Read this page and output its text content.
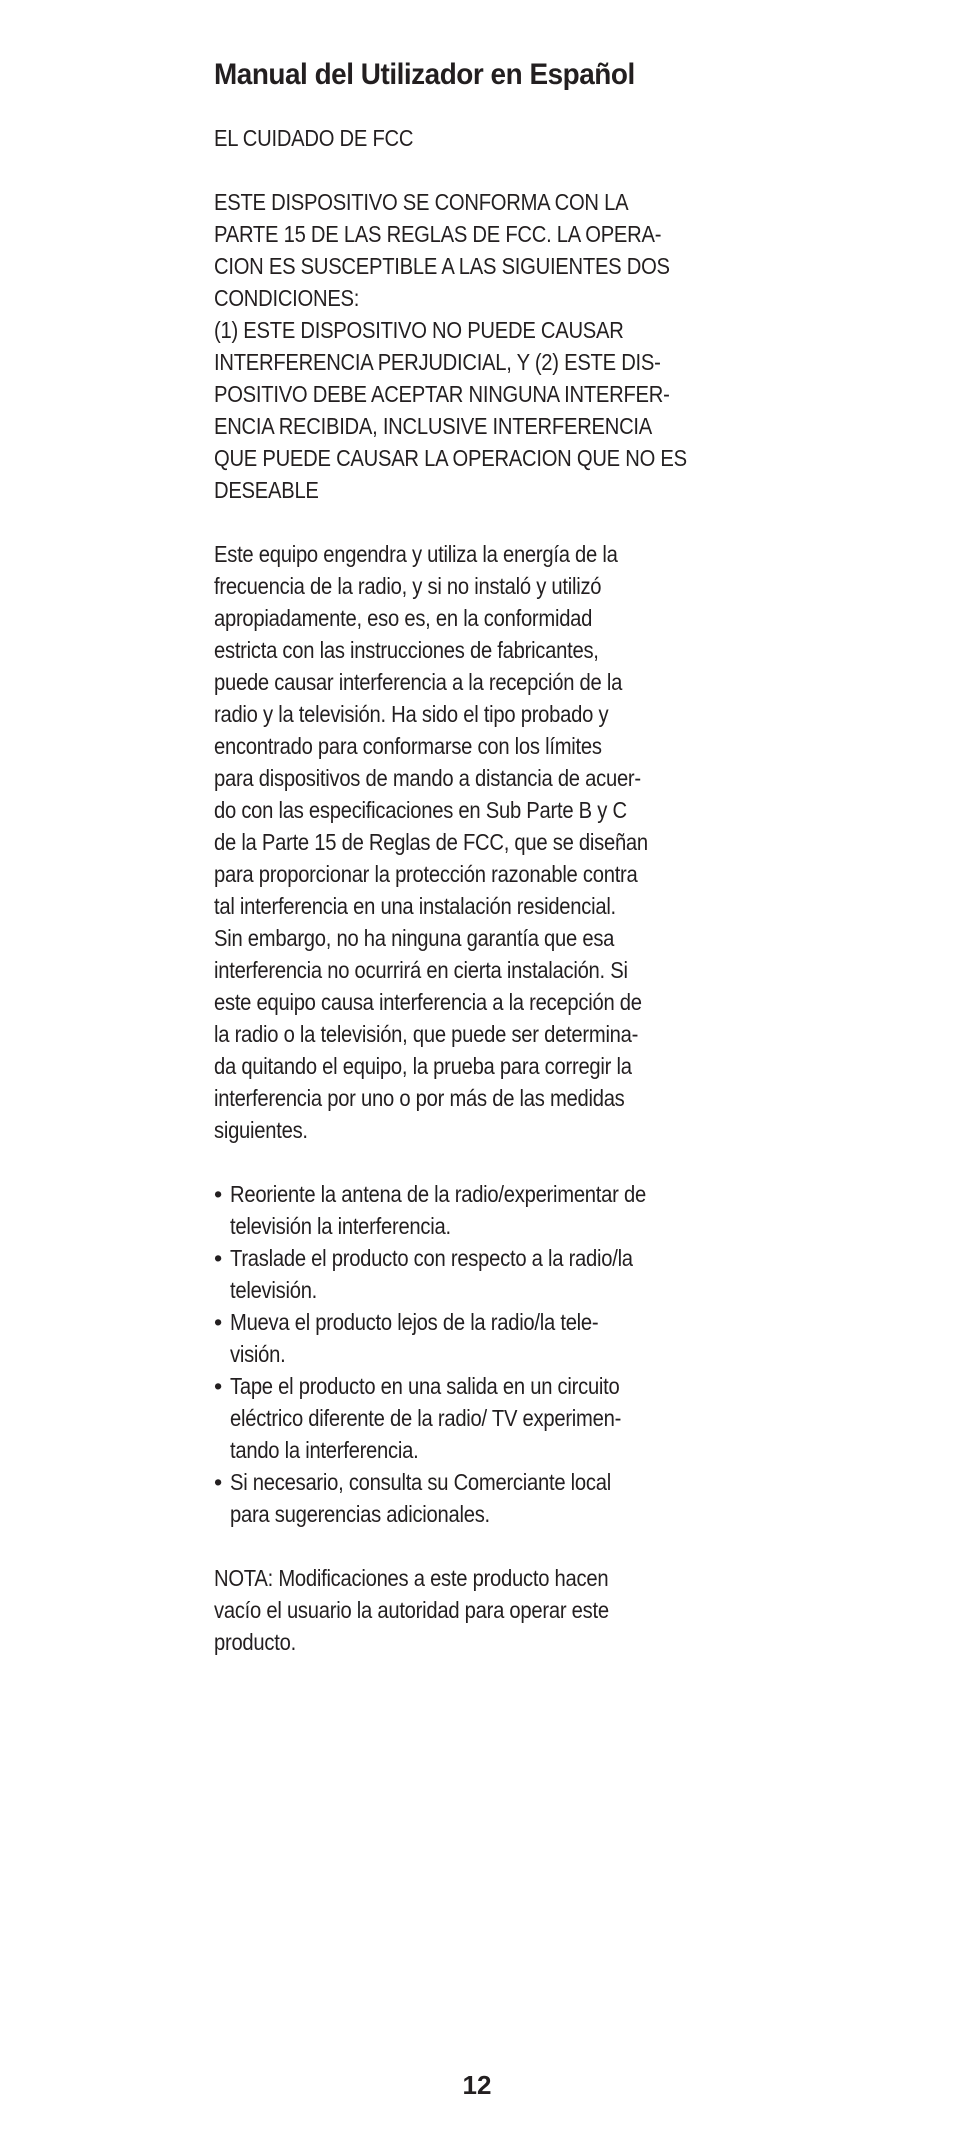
Manual del Utilizador en Español
EL CUIDADO DE FCC
ESTE DISPOSITIVO SE CONFORMA CON LA
PARTE 15 DE LAS REGLAS DE FCC. LA OPERA-
CION ES SUSCEPTIBLE A LAS SIGUIENTES DOS
CONDICIONES:
(1) ESTE DISPOSITIVO NO PUEDE CAUSAR
INTERFERENCIA PERJUDICIAL, Y (2) ESTE DIS-
POSITIVO DEBE ACEPTAR NINGUNA INTERFER-
ENCIA RECIBIDA, INCLUSIVE INTERFERENCIA
QUE PUEDE CAUSAR LA OPERACION QUE NO ES
DESEABLE
Este equipo engendra y utiliza la energía de la
frecuencia de la radio, y si no instaló y utilizó
apropiadamente, eso es, en la conformidad
estricta con las instrucciones de fabricantes,
puede causar interferencia a la recepción de la
radio y la televisión. Ha sido el tipo probado y
encontrado para conformarse con los límites
para dispositivos de mando a distancia de acuer-
do con las especificaciones en Sub Parte B y C
de la Parte 15 de Reglas de FCC, que se diseñan
para proporcionar la protección razonable contra
tal interferencia en una instalación residencial.
Sin embargo, no ha ninguna garantía que esa
interferencia no ocurrirá en cierta instalación. Si
este equipo causa interferencia a la recepción de
la radio o la televisión, que puede ser determina-
da quitando el equipo, la prueba para corregir la
interferencia por uno o por más de las medidas
siguientes.
• Reoriente la antena de la radio/experimentar de
televisión la interferencia.
• Traslade el producto con respecto a la radio/la
televisión.
• Mueva el producto lejos de la radio/la tele-
visión.
• Tape el producto en una salida en un circuito
eléctrico diferente de la radio/ TV experimen-
tando la interferencia.
• Si necesario, consulta su Comerciante local
para sugerencias adicionales.
NOTA: Modificaciones a este producto hacen
vacío el usuario la autoridad para operar este
producto.
12
